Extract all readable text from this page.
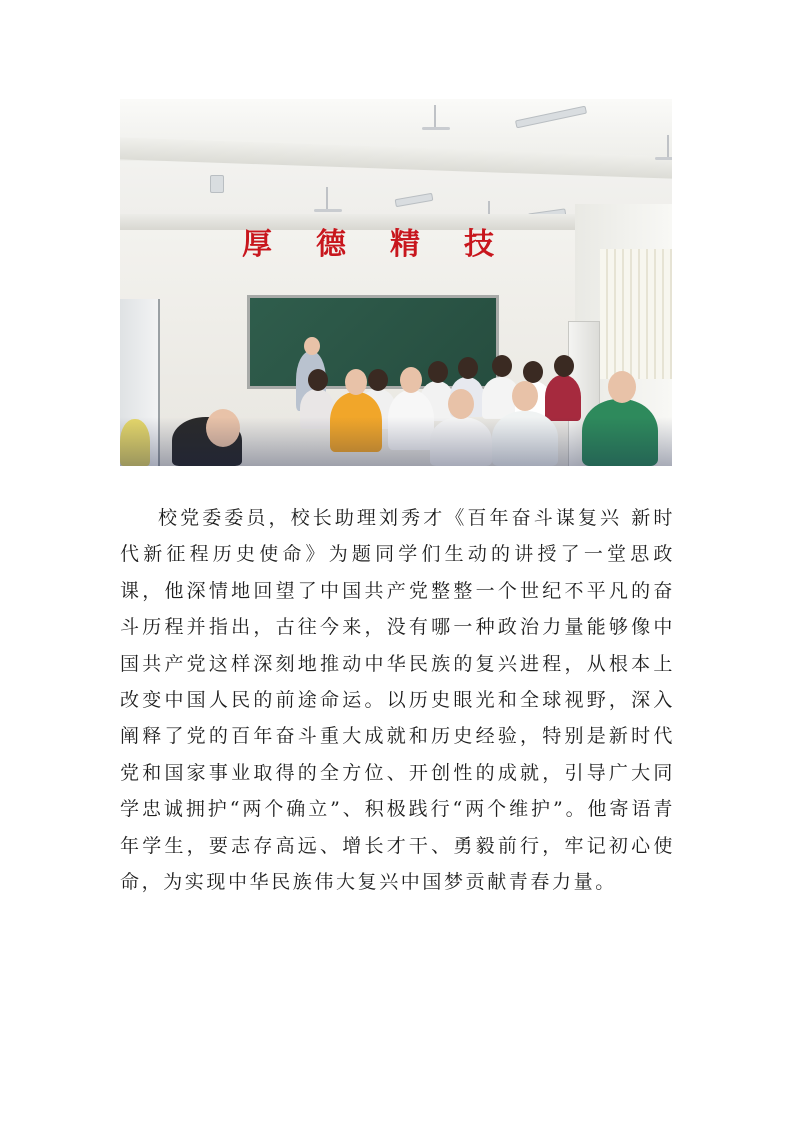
厚 德 精 技

校党委委员，校长助理刘秀才《百年奋斗谋复兴 新时代新征程历史使命》为题同学们生动的讲授了一堂思政课，他深情地回望了中国共产党整整一个世纪不平凡的奋斗历程并指出，古往今来，没有哪一种政治力量能够像中国共产党这样深刻地推动中华民族的复兴进程，从根本上改变中国人民的前途命运。以历史眼光和全球视野，深入阐释了党的百年奋斗重大成就和历史经验，特别是新时代党和国家事业取得的全方位、开创性的成就，引导广大同学忠诚拥护“两个确立”、积极践行“两个维护”。他寄语青年学生，要志存高远、增长才干、勇毅前行，牢记初心使命，为实现中华民族伟大复兴中国梦贡献青春力量。
